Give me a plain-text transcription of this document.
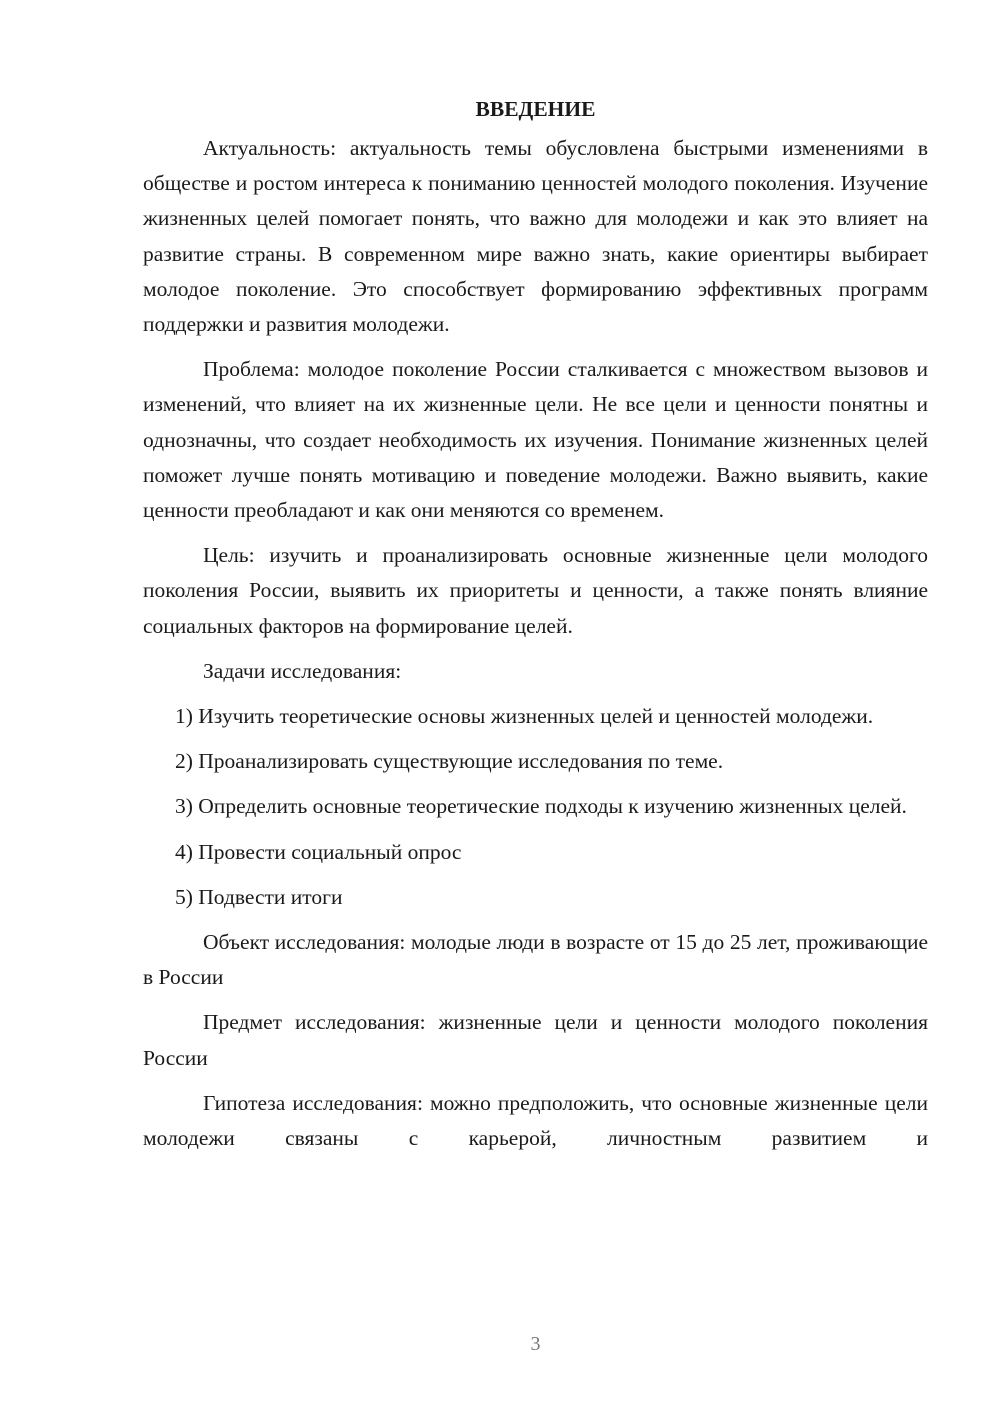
ВВЕДЕНИЕ

Актуальность: актуальность темы обусловлена быстрыми изменениями в обществе и ростом интереса к пониманию ценностей молодого поколения. Изучение жизненных целей помогает понять, что важно для молодежи и как это влияет на развитие страны. В современном мире важно знать, какие ориентиры выбирает молодое поколение. Это способствует формированию эффективных программ поддержки и развития молодежи.

Проблема: молодое поколение России сталкивается с множеством вызовов и изменений, что влияет на их жизненные цели. Не все цели и ценности понятны и однозначны, что создает необходимость их изучения. Понимание жизненных целей поможет лучше понять мотивацию и поведение молодежи. Важно выявить, какие ценности преобладают и как они меняются со временем.

Цель: изучить и проанализировать основные жизненные цели молодого поколения России, выявить их приоритеты и ценности, а также понять влияние социальных факторов на формирование целей.

Задачи исследования:

1) Изучить теоретические основы жизненных целей и ценностей молодежи.

2) Проанализировать существующие исследования по теме.

3) Определить основные теоретические подходы к изучению жизненных целей.

4) Провести социальный опрос

5) Подвести итоги

Объект исследования: молодые люди в возрасте от 15 до 25 лет, проживающие в России

Предмет исследования: жизненные цели и ценности молодого поколения России

Гипотеза исследования: можно предположить, что основные жизненные цели молодежи связаны с карьерой, личностным развитием и

3
